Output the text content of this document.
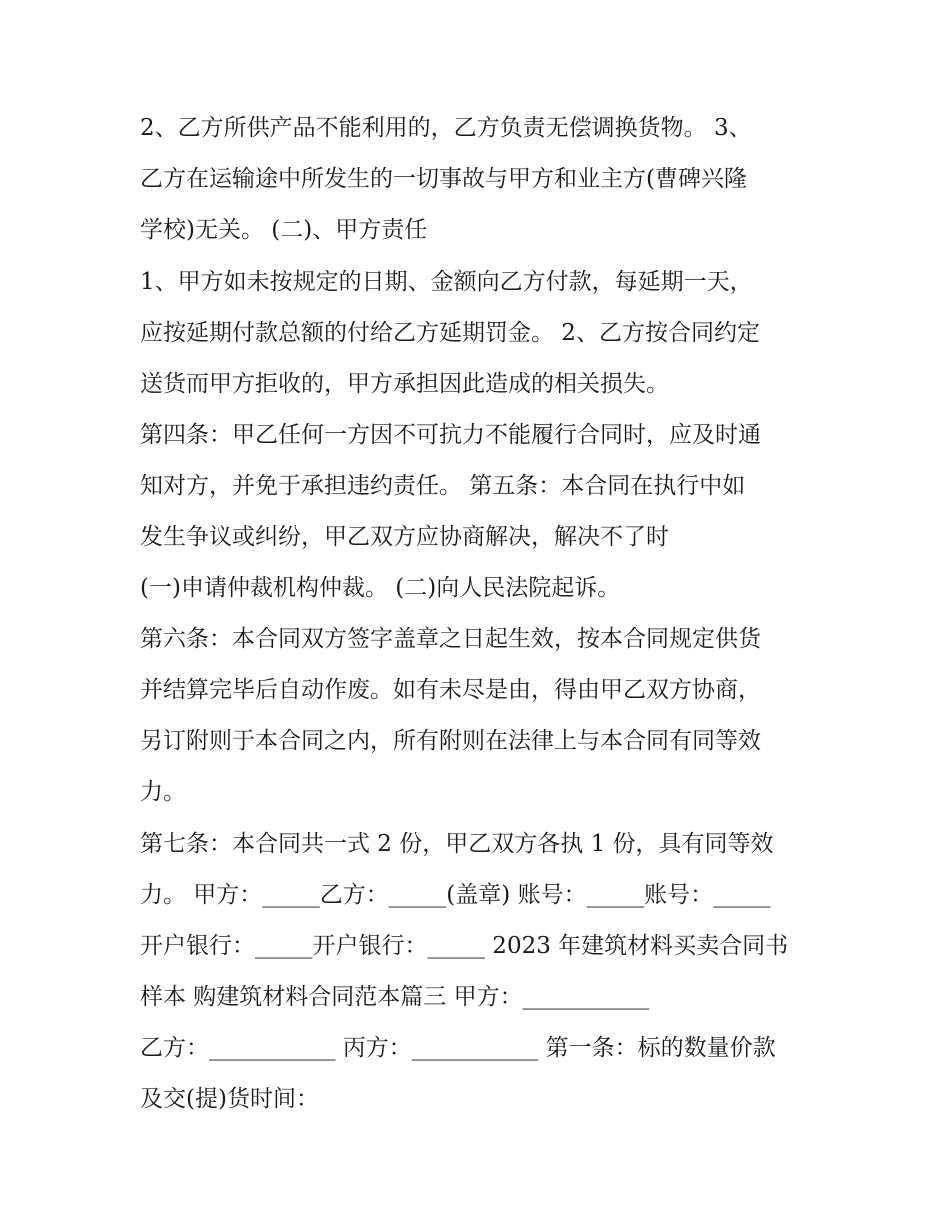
2、乙方所供产品不能利用的，乙方负责无偿调换货物。 3、
乙方在运输途中所发生的一切事故与甲方和业主方(曹碑兴隆
学校)无关。 (二)、甲方责任
1、甲方如未按规定的日期、金额向乙方付款，每延期一天，
应按延期付款总额的付给乙方延期罚金。 2、乙方按合同约定
送货而甲方拒收的，甲方承担因此造成的相关损失。
第四条：甲乙任何一方因不可抗力不能履行合同时，应及时通
知对方，并免于承担违约责任。 第五条：本合同在执行中如
发生争议或纠纷，甲乙双方应协商解决，解决不了时
(一)申请仲裁机构仲裁。 (二)向人民法院起诉。
第六条：本合同双方签字盖章之日起生效，按本合同规定供货
并结算完毕后自动作废。如有未尽是由，得由甲乙双方协商，
另订附则于本合同之内，所有附则在法律上与本合同有同等效
力。
第七条：本合同共一式 2 份，甲乙双方各执 1 份，具有同等效
力。 甲方：_____乙方：_____(盖章) 账号：_____账号：_____
开户银行：_____开户银行：_____ 2023 年建筑材料买卖合同书
样本 购建筑材料合同范本篇三 甲方：___________
乙方：___________ 丙方：___________ 第一条：标的数量价款
及交(提)货时间：
